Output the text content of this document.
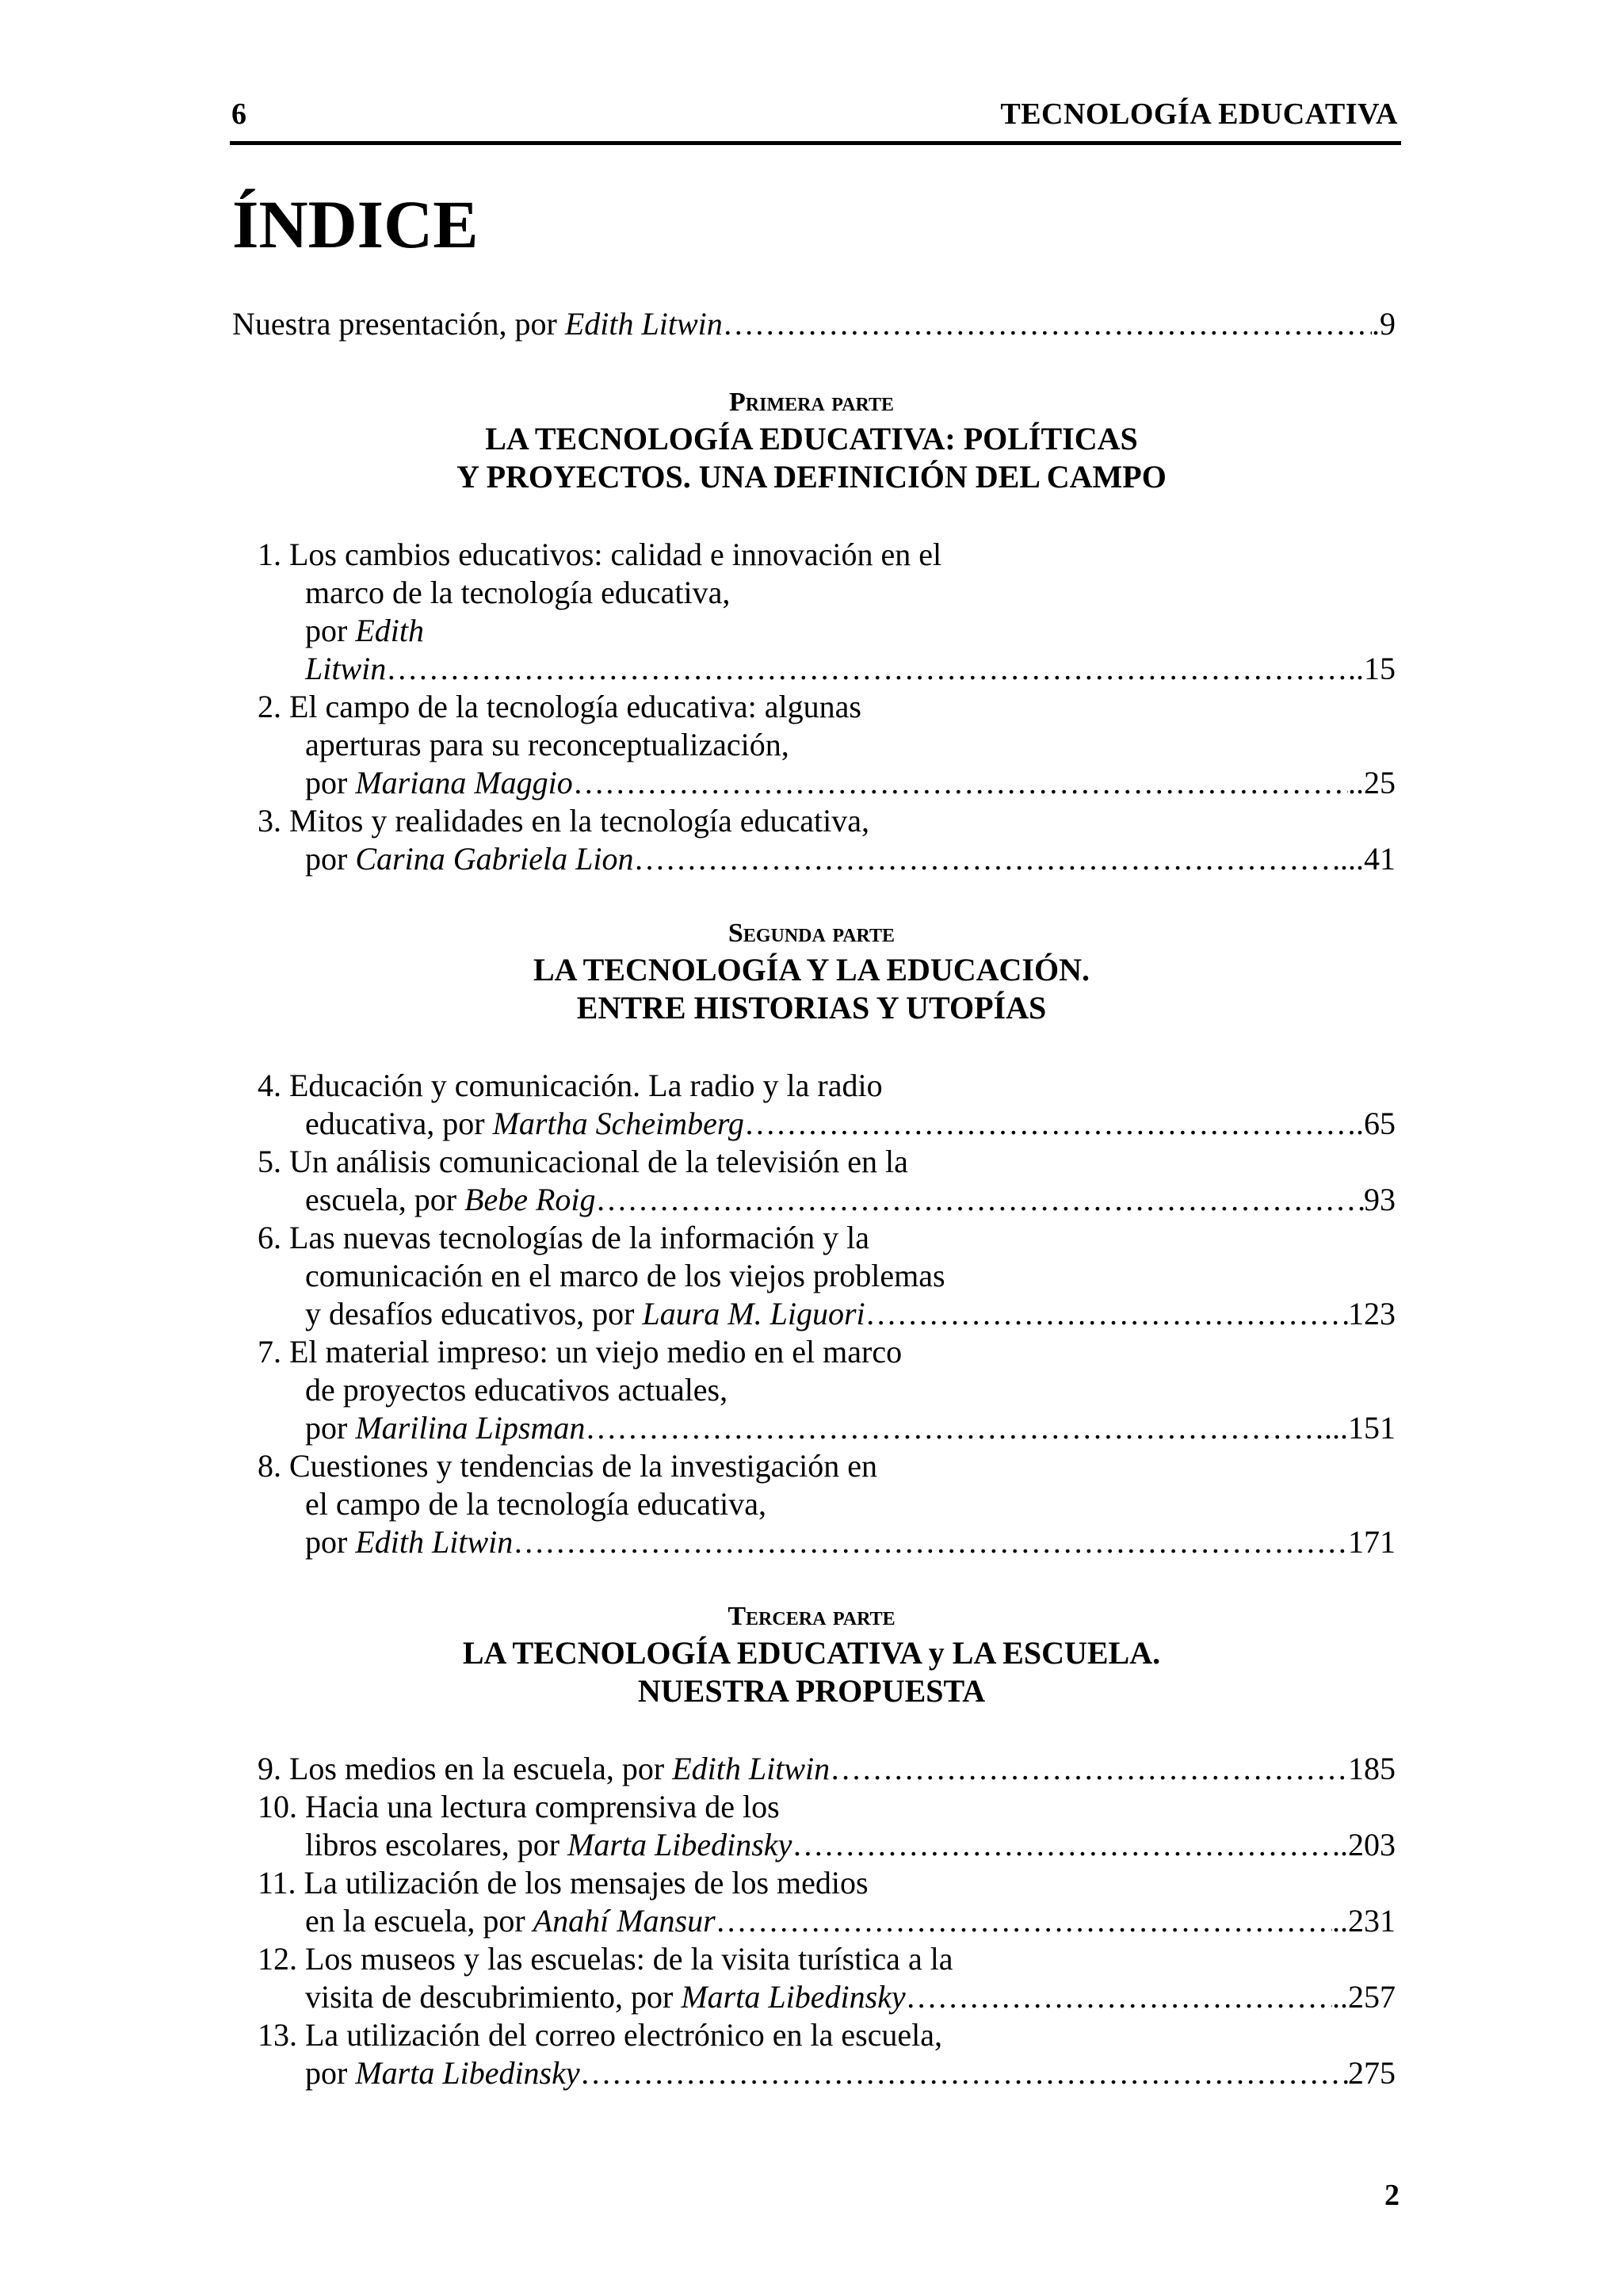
6	TECNOLOGÍA EDUCATIVA
ÍNDICE
Nuestra presentación, por Edith Litwin ……………………………………………………………………………………………………………………………………………………………………………………………………	.9
Primera parte
LA TECNOLOGÍA EDUCATIVA: POLÍTICAS
Y PROYECTOS. UNA DEFINICIÓN DEL CAMPO
1. Los cambios educativos: calidad e innovación en el
marco de la tecnología educativa,
por Edith
Litwin ……………………………………………………………………………………………………………………………………………………………………………………………………	..15
2. El campo de la tecnología educativa: algunas
aperturas para su reconceptualización,
por Mariana Maggio ……………………………………………………………………………………………………………………………………………………………………………………………………	..25
3. Mitos y realidades en la tecnología educativa,
por Carina Gabriela Lion ……………………………………………………………………………………………………………………………………………………………………………………………………	...41
Segunda parte
LA TECNOLOGÍA Y LA EDUCACIÓN.
ENTRE HISTORIAS Y UTOPÍAS
4. Educación y comunicación. La radio y la radio
educativa, por Martha Scheimberg ……………………………………………………………………………………………………………………………………………………………………………………………………	.65
5. Un análisis comunicacional de la televisión en la
escuela, por Bebe Roig ……………………………………………………………………………………………………………………………………………………………………………………………………	93
6. Las nuevas tecnologías de la información y la
comunicación en el marco de los viejos problemas
y desafíos educativos, por Laura M. Liguori ……………………………………………………………………………………………………………………………………………………………………………………………………	123
7. El material impreso: un viejo medio en el marco
de proyectos educativos actuales,
por Marilina Lipsman ……………………………………………………………………………………………………………………………………………………………………………………………………	...151
8. Cuestiones y tendencias de la investigación en
el campo de la tecnología educativa,
por Edith Litwin ……………………………………………………………………………………………………………………………………………………………………………………………………	171
Tercera parte
LA TECNOLOGÍA EDUCATIVA y LA ESCUELA.
NUESTRA PROPUESTA
9. Los medios en la escuela, por Edith Litwin ……………………………………………………………………………………………………………………………………………………………………………………………………	185
10. Hacia una lectura comprensiva de los
libros escolares, por Marta Libedinsky ……………………………………………………………………………………………………………………………………………………………………………………………………	.203
11. La utilización de los mensajes de los medios
en la escuela, por Anahí Mansur ……………………………………………………………………………………………………………………………………………………………………………………………………	..231
12. Los museos y las escuelas: de la visita turística a la
visita de descubrimiento, por Marta Libedinsky ……………………………………………………………………………………………………………………………………………………………………………………………………	..257
13. La utilización del correo electrónico en la escuela,
por Marta Libedinsky ……………………………………………………………………………………………………………………………………………………………………………………………………	275
2
